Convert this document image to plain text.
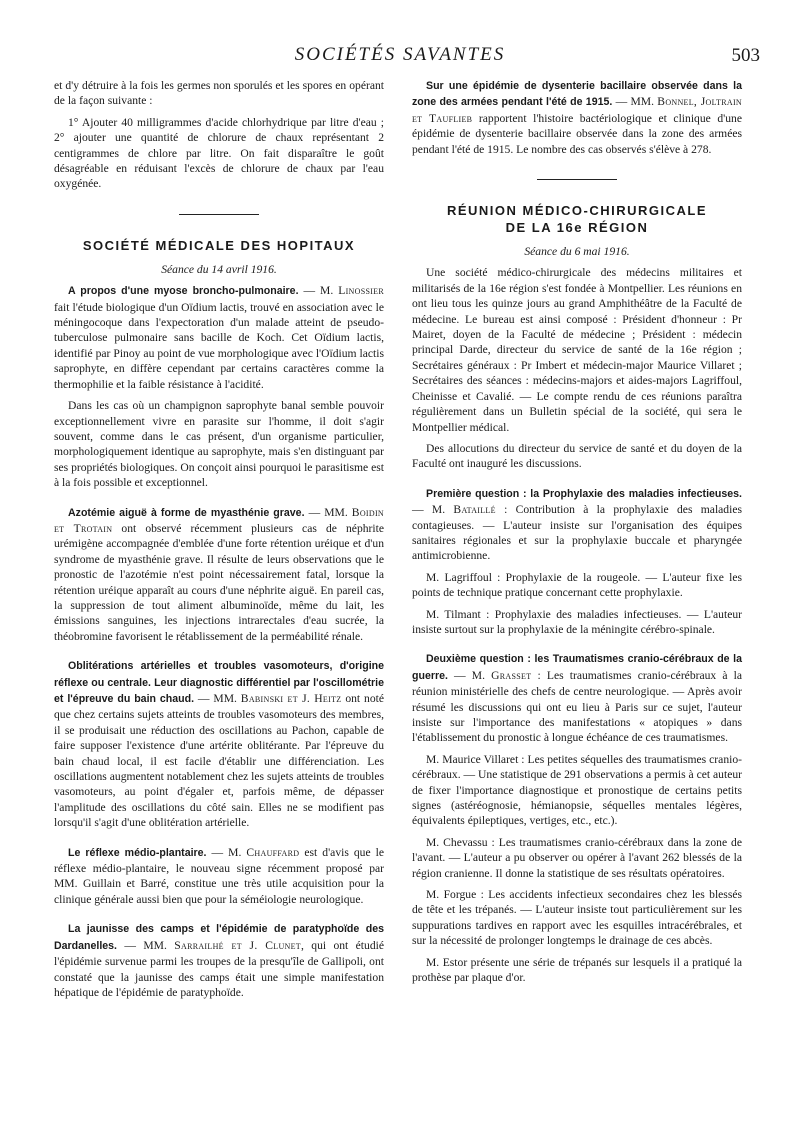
SOCIÉTÉS SAVANTES	503

et d'y détruire à la fois les germes non sporulés et les spores en opérant de la façon suivante :

1° Ajouter 40 milligrammes d'acide chlorhydrique par litre d'eau ; 2° ajouter une quantité de chlorure de chaux représentant 2 centigrammes de chlore par litre. On fait disparaître le goût désagréable en réduisant l'excès de chlorure de chaux par l'eau oxygénée.

SOCIÉTÉ MÉDICALE DES HOPITAUX

Séance du 14 avril 1916.

A propos d'une myose broncho-pulmonaire. — M. Linossier fait l'étude biologique d'un Oïdium lactis, trouvé en association avec le méningocoque dans l'expectoration d'un malade atteint de pseudo-tuberculose pulmonaire sans bacille de Koch. Cet Oïdium lactis, identifié par Pinoy au point de vue morphologique avec l'Oïdium lactis saprophyte, en diffère cependant par certains caractères comme la thermophilie et la faible résistance à l'acidité.

Dans les cas où un champignon saprophyte banal semble pouvoir exceptionnellement vivre en parasite sur l'homme, il doit s'agir souvent, comme dans le cas présent, d'un organisme particulier, morphologiquement identique au saprophyte, mais s'en distinguant par ses propriétés biologiques. On conçoit ainsi pourquoi le parasitisme est à la fois possible et exceptionnel.

Azotémie aiguë à forme de myasthénie grave. — MM. Boidin et Trotain ont observé récemment plusieurs cas de néphrite urémigène accompagnée d'emblée d'une forte rétention uréique et d'un syndrome de myasthénie grave. Il résulte de leurs observations que le pronostic de l'azotémie n'est point nécessairement fatal, lorsque la rétention uréique apparaît au cours d'une néphrite aiguë. En pareil cas, la suppression de tout aliment albuminoïde, même du lait, les émissions sanguines, les injections intrarectales d'eau sucrée, la théobromine favorisent le rétablissement de la perméabilité rénale.

Oblitérations artérielles et troubles vasomoteurs, d'origine réflexe ou centrale. Leur diagnostic différentiel par l'oscillométrie et l'épreuve du bain chaud. — MM. Babinski et J. Heitz ont noté que chez certains sujets atteints de troubles vasomoteurs des membres, il se produisait une réduction des oscillations au Pachon, capable de faire supposer l'existence d'une artérite oblitérante. Par l'épreuve du bain chaud local, il est facile d'établir une différenciation. Les oscillations augmentent notablement chez les sujets atteints de troubles vasomoteurs, au point d'égaler et, parfois même, de dépasser l'amplitude des oscillations du côté sain. Elles ne se modifient pas lorsqu'il s'agit d'une oblitération artérielle.

Le réflexe médio-plantaire. — M. Chauffard est d'avis que le réflexe médio-plantaire, le nouveau signe récemment proposé par MM. Guillain et Barré, constitue une très utile acquisition pour la clinique générale aussi bien que pour la séméiologie neurologique.

La jaunisse des camps et l'épidémie de paratyphoïde des Dardanelles. — MM. Sarrailhé et J. Clunet, qui ont étudié l'épidémie survenue parmi les troupes de la presqu'île de Gallipoli, ont constaté que la jaunisse des camps était une simple manifestation hépatique de l'épidémie de paratyphoïde.

Sur une épidémie de dysenterie bacillaire observée dans la zone des armées pendant l'été de 1915. — MM. Bonnel, Joltrain et Taufliеb rapportent l'histoire bactériologique et clinique d'une épidémie de dysenterie bacillaire observée dans la zone des armées pendant l'été de 1915. Le nombre des cas observés s'élève à 278.

RÉUNION MÉDICO-CHIRURGICALE
DE LA 16e RÉGION

Séance du 6 mai 1916.

Une société médico-chirurgicale des médecins militaires et militarisés de la 16e région s'est fondée à Montpellier. Les réunions en ont lieu tous les quinze jours au grand Amphithéâtre de la Faculté de médecine. Le bureau est ainsi composé : Président d'honneur : Pr Mairet, doyen de la Faculté de médecine ; Président : médecin principal Darde, directeur du service de santé de la 16e région ; Secrétaires généraux : Pr Imbert et médecin-major Maurice Villaret ; Secrétaires des séances : médecins-majors et aides-majors Lagriffoul, Cheinisse et Cavalié. — Le compte rendu de ces réunions paraîtra régulièrement dans un Bulletin spécial de la société, qui sera le Montpellier médical.

Des allocutions du directeur du service de santé et du doyen de la Faculté ont inauguré les discussions.

Première question : la Prophylaxie des maladies infectieuses. — M. Bataillé : Contribution à la prophylaxie des maladies contagieuses. — L'auteur insiste sur l'organisation des équipes sanitaires régionales et sur la prophylaxie buccale et pharyngée antimicrobienne.

M. Lagriffoul : Prophylaxie de la rougeole. — L'auteur fixe les points de technique pratique concernant cette prophylaxie.

M. Tilmant : Prophylaxie des maladies infectieuses. — L'auteur insiste surtout sur la prophylaxie de la méningite cérébro-spinale.

Deuxième question : les Traumatismes cranio-cérébraux de la guerre. — M. Grasset : Les traumatismes cranio-cérébraux à la réunion ministérielle des chefs de centre neurologique. — Après avoir résumé les discussions qui ont eu lieu à Paris sur ce sujet, l'auteur insiste sur l'importance des manifestations « atopiques » dans l'établissement du pronostic à longue échéance de ces traumatismes.

M. Maurice Villaret : Les petites séquelles des traumatismes cranio-cérébraux. — Une statistique de 291 observations a permis à cet auteur de fixer l'importance diagnostique et pronostique de certains petits signes (astéréognosie, hémianopsie, séquelles mentales légères, équivalents épileptiques, vertiges, etc., etc.).

M. Chevassu : Les traumatismes cranio-cérébraux dans la zone de l'avant. — L'auteur a pu observer ou opérer à l'avant 262 blessés de la région cranienne. Il donne la statistique de ses résultats opératoires.

M. Forgue : Les accidents infectieux secondaires chez les blessés de tête et les trépanés. — L'auteur insiste tout particulièrement sur les suppurations tardives en rapport avec les esquilles intracérébrales, et sur la nécessité de prolonger longtemps le drainage de ces abcès.

M. Estor présente une série de trépanés sur lesquels il a pratiqué la prothèse par plaque d'or.
